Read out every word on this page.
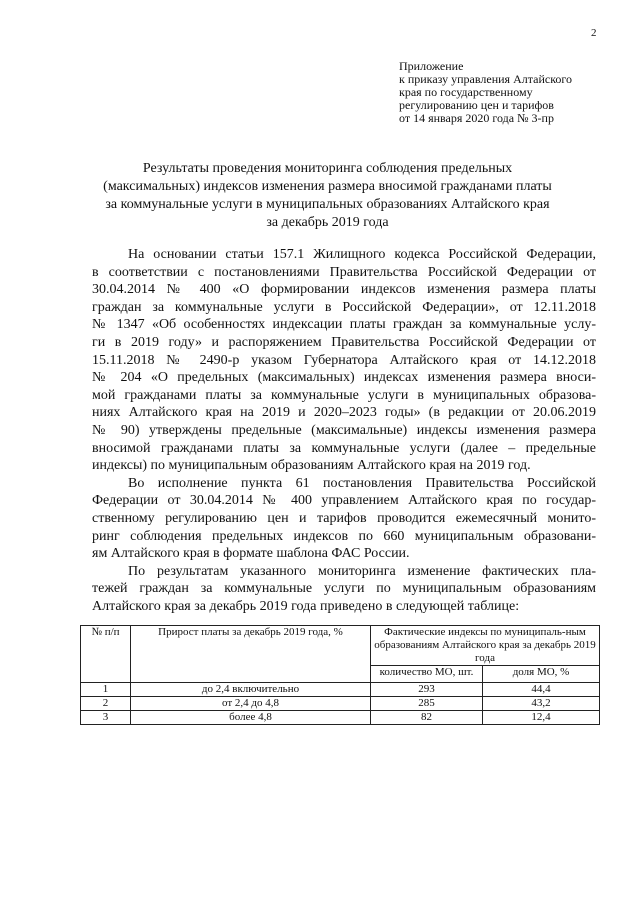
2
Приложение
к приказу управления Алтайского
края по государственному
регулированию цен и тарифов
от 14 января 2020 года № 3-пр
Результаты проведения мониторинга соблюдения предельных
(максимальных) индексов изменения размера вносимой гражданами платы
за коммунальные услуги в муниципальных образованиях Алтайского края
за декабрь 2019 года
На основании статьи 157.1 Жилищного кодекса Российской Федерации,
в соответствии с постановлениями Правительства Российской Федерации от
30.04.2014 № 400 «О формировании индексов изменения размера платы
граждан за коммунальные услуги в Российской Федерации», от 12.11.2018
№ 1347 «Об особенностях индексации платы граждан за коммунальные услу-
ги в 2019 году» и распоряжением Правительства Российской Федерации от
15.11.2018 № 2490-р указом Губернатора Алтайского края от 14.12.2018
№ 204 «О предельных (максимальных) индексах изменения размера вноси-
мой гражданами платы за коммунальные услуги в муниципальных образова-
ниях Алтайского края на 2019 и 2020–2023 годы» (в редакции от 20.06.2019
№ 90) утверждены предельные (максимальные) индексы изменения размера
вносимой гражданами платы за коммунальные услуги (далее – предельные
индексы) по муниципальным образованиям Алтайского края на 2019 год.
Во исполнение пункта 61 постановления Правительства Российской
Федерации от 30.04.2014 № 400 управлением Алтайского края по государ-
ственному регулированию цен и тарифов проводится ежемесячный монито-
ринг соблюдения предельных индексов по 660 муниципальным образовани-
ям Алтайского края в формате шаблона ФАС России.
По результатам указанного мониторинга изменение фактических пла-
тежей граждан за коммунальные услуги по муниципальным образованиям
Алтайского края за декабрь 2019 года приведено в следующей таблице:
№ п/п	Прирост платы за декабрь 2019 года, %	Фактические индексы по муниципаль-ным образованиям Алтайского края за декабрь 2019 года	
		количество МО, шт.	доля МО, %
1	до 2,4 включительно	293	44,4
2	от 2,4 до 4,8	285	43,2
3	более 4,8	82	12,4
